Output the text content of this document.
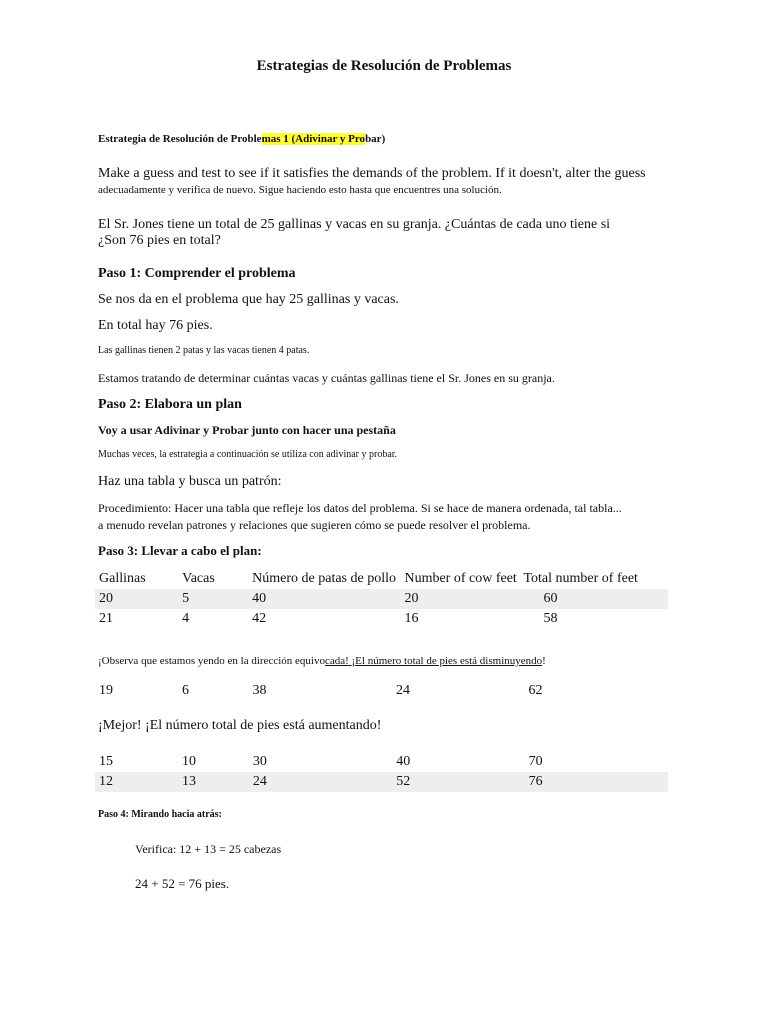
Estrategias de Resolución de Problemas
Estrategia de Resolución de Problemas 1 (Adivinar y Probar)
Make a guess and test to see if it satisfies the demands of the problem. If it doesn't, alter the guess
adecuadamente y verifica de nuevo. Sigue haciendo esto hasta que encuentres una solución.
El Sr. Jones tiene un total de 25 gallinas y vacas en su granja. ¿Cuántas de cada uno tiene si
¿Son 76 pies en total?
Paso 1: Comprender el problema
Se nos da en el problema que hay 25 gallinas y vacas.
En total hay 76 pies.
Las gallinas tienen 2 patas y las vacas tienen 4 patas.
Estamos tratando de determinar cuántas vacas y cuántas gallinas tiene el Sr. Jones en su granja.
Paso 2: Elabora un plan
Voy a usar Adivinar y Probar junto con hacer una pestaña
Muchas veces, la estrategia a continuación se utiliza con adivinar y probar.
Haz una tabla y busca un patrón:
Procedimiento: Hacer una tabla que refleje los datos del problema. Si se hace de manera ordenada, tal tabla...
a menudo revelan patrones y relaciones que sugieren cómo se puede resolver el problema.
Paso 3: Llevar a cabo el plan:
Gallinas	Vacas	Número de patas de pollo	Number of cow feet	Total number of feet
20	5	40	20	60
21	4	42	16	58
¡Observa que estamos yendo en la dirección equivocada! ¡El número total de pies está disminuyendo!
19	6	38	24	62
¡Mejor! ¡El número total de pies está aumentando!
15	10	30	40	70
12	13	24	52	76
Paso 4: Mirando hacia atrás:
Verifica: 12 + 13 = 25 cabezas
24 + 52 = 76 pies.
